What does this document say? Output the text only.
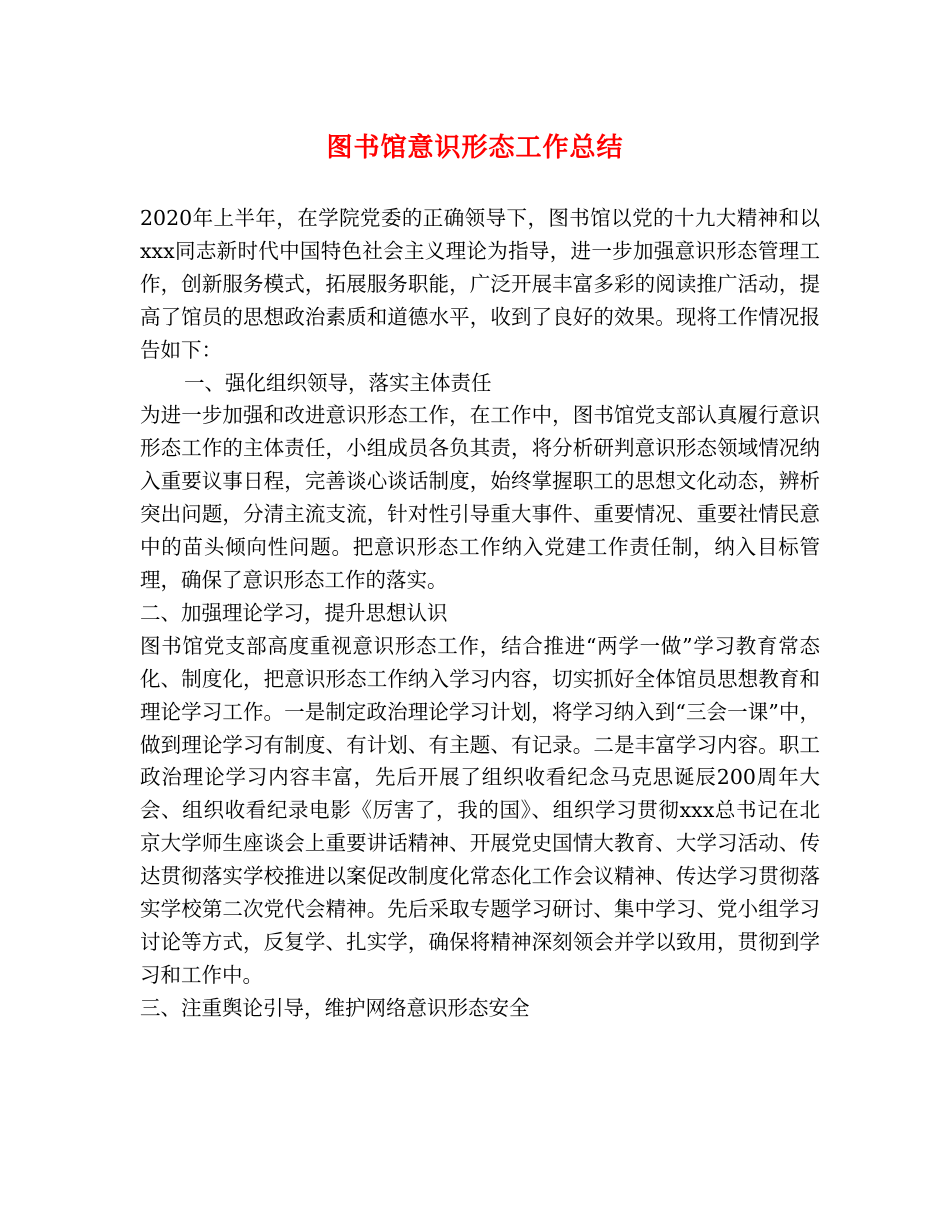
图书馆意识形态工作总结

2020年上半年，在学院党委的正确领导下，图书馆以党的十九大精神和以xxx同志新时代中国特色社会主义理论为指导，进一步加强意识形态管理工作，创新服务模式，拓展服务职能，广泛开展丰富多彩的阅读推广活动，提高了馆员的思想政治素质和道德水平，收到了良好的效果。现将工作情况报告如下：

一、强化组织领导，落实主体责任

为进一步加强和改进意识形态工作，在工作中，图书馆党支部认真履行意识形态工作的主体责任，小组成员各负其责，将分析研判意识形态领域情况纳入重要议事日程，完善谈心谈话制度，始终掌握职工的思想文化动态，辨析突出问题，分清主流支流，针对性引导重大事件、重要情况、重要社情民意中的苗头倾向性问题。把意识形态工作纳入党建工作责任制，纳入目标管理，确保了意识形态工作的落实。

二、加强理论学习，提升思想认识

图书馆党支部高度重视意识形态工作，结合推进“两学一做”学习教育常态化、制度化，把意识形态工作纳入学习内容，切实抓好全体馆员思想教育和理论学习工作。一是制定政治理论学习计划，将学习纳入到“三会一课”中，做到理论学习有制度、有计划、有主题、有记录。二是丰富学习内容。职工政治理论学习内容丰富，先后开展了组织收看纪念马克思诞辰200周年大会、组织收看纪录电影《厉害了，我的国》、组织学习贯彻xxx总书记在北京大学师生座谈会上重要讲话精神、开展党史国情大教育、大学习活动、传达贯彻落实学校推进以案促改制度化常态化工作会议精神、传达学习贯彻落实学校第二次党代会精神。先后采取专题学习研讨、集中学习、党小组学习讨论等方式，反复学、扎实学，确保将精神深刻领会并学以致用，贯彻到学习和工作中。

三、注重舆论引导，维护网络意识形态安全
